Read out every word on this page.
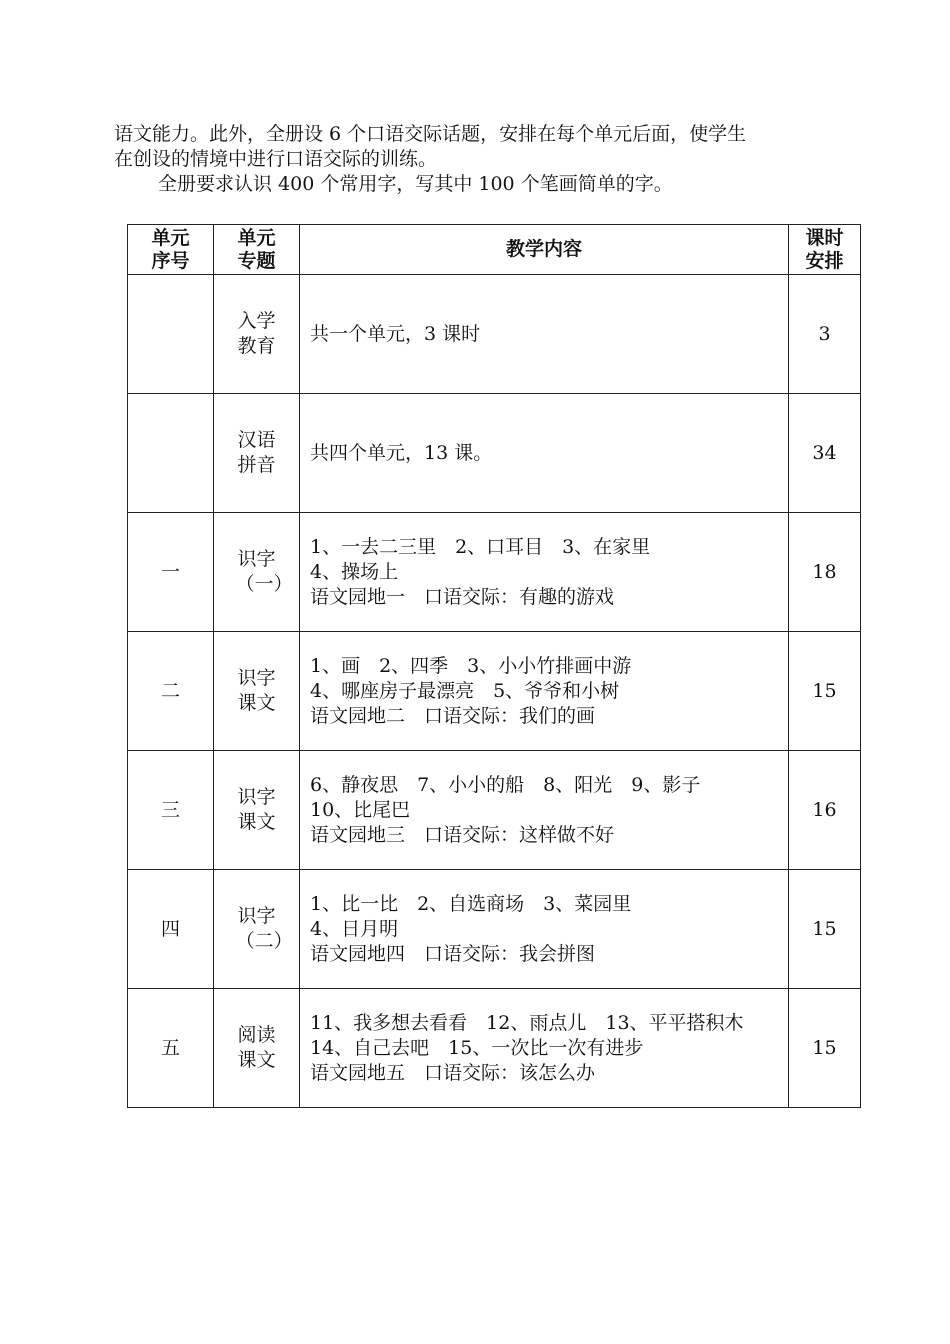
语文能力。此外，全册设 6 个口语交际话题，安排在每个单元后面，使学生

在创设的情境中进行口语交际的训练。

全册要求认识 400 个常用字，写其中 100 个笔画简单的字。

单元序号	单元专题	教学内容	课时安排
	入学教育	共一个单元，3 课时	3
	汉语拼音	共四个单元，13 课。	34
一	识字（一）	1、一去二三里　2、口耳目　3、在家里
4、操场上
语文园地一　口语交际：有趣的游戏	18
二	识字课文	1、画　2、四季　3、小小竹排画中游
4、哪座房子最漂亮　5、爷爷和小树
语文园地二　口语交际：我们的画	15
三	识字课文	6、静夜思　7、小小的船　8、阳光　9、影子
10、比尾巴
语文园地三　口语交际：这样做不好	16
四	识字（二）	1、比一比　2、自选商场　3、菜园里
4、日月明
语文园地四　口语交际：我会拼图	15
五	阅读课文	11、我多想去看看　12、雨点儿　13、平平搭积木
14、自己去吧　15、一次比一次有进步
语文园地五　口语交际：该怎么办	15
